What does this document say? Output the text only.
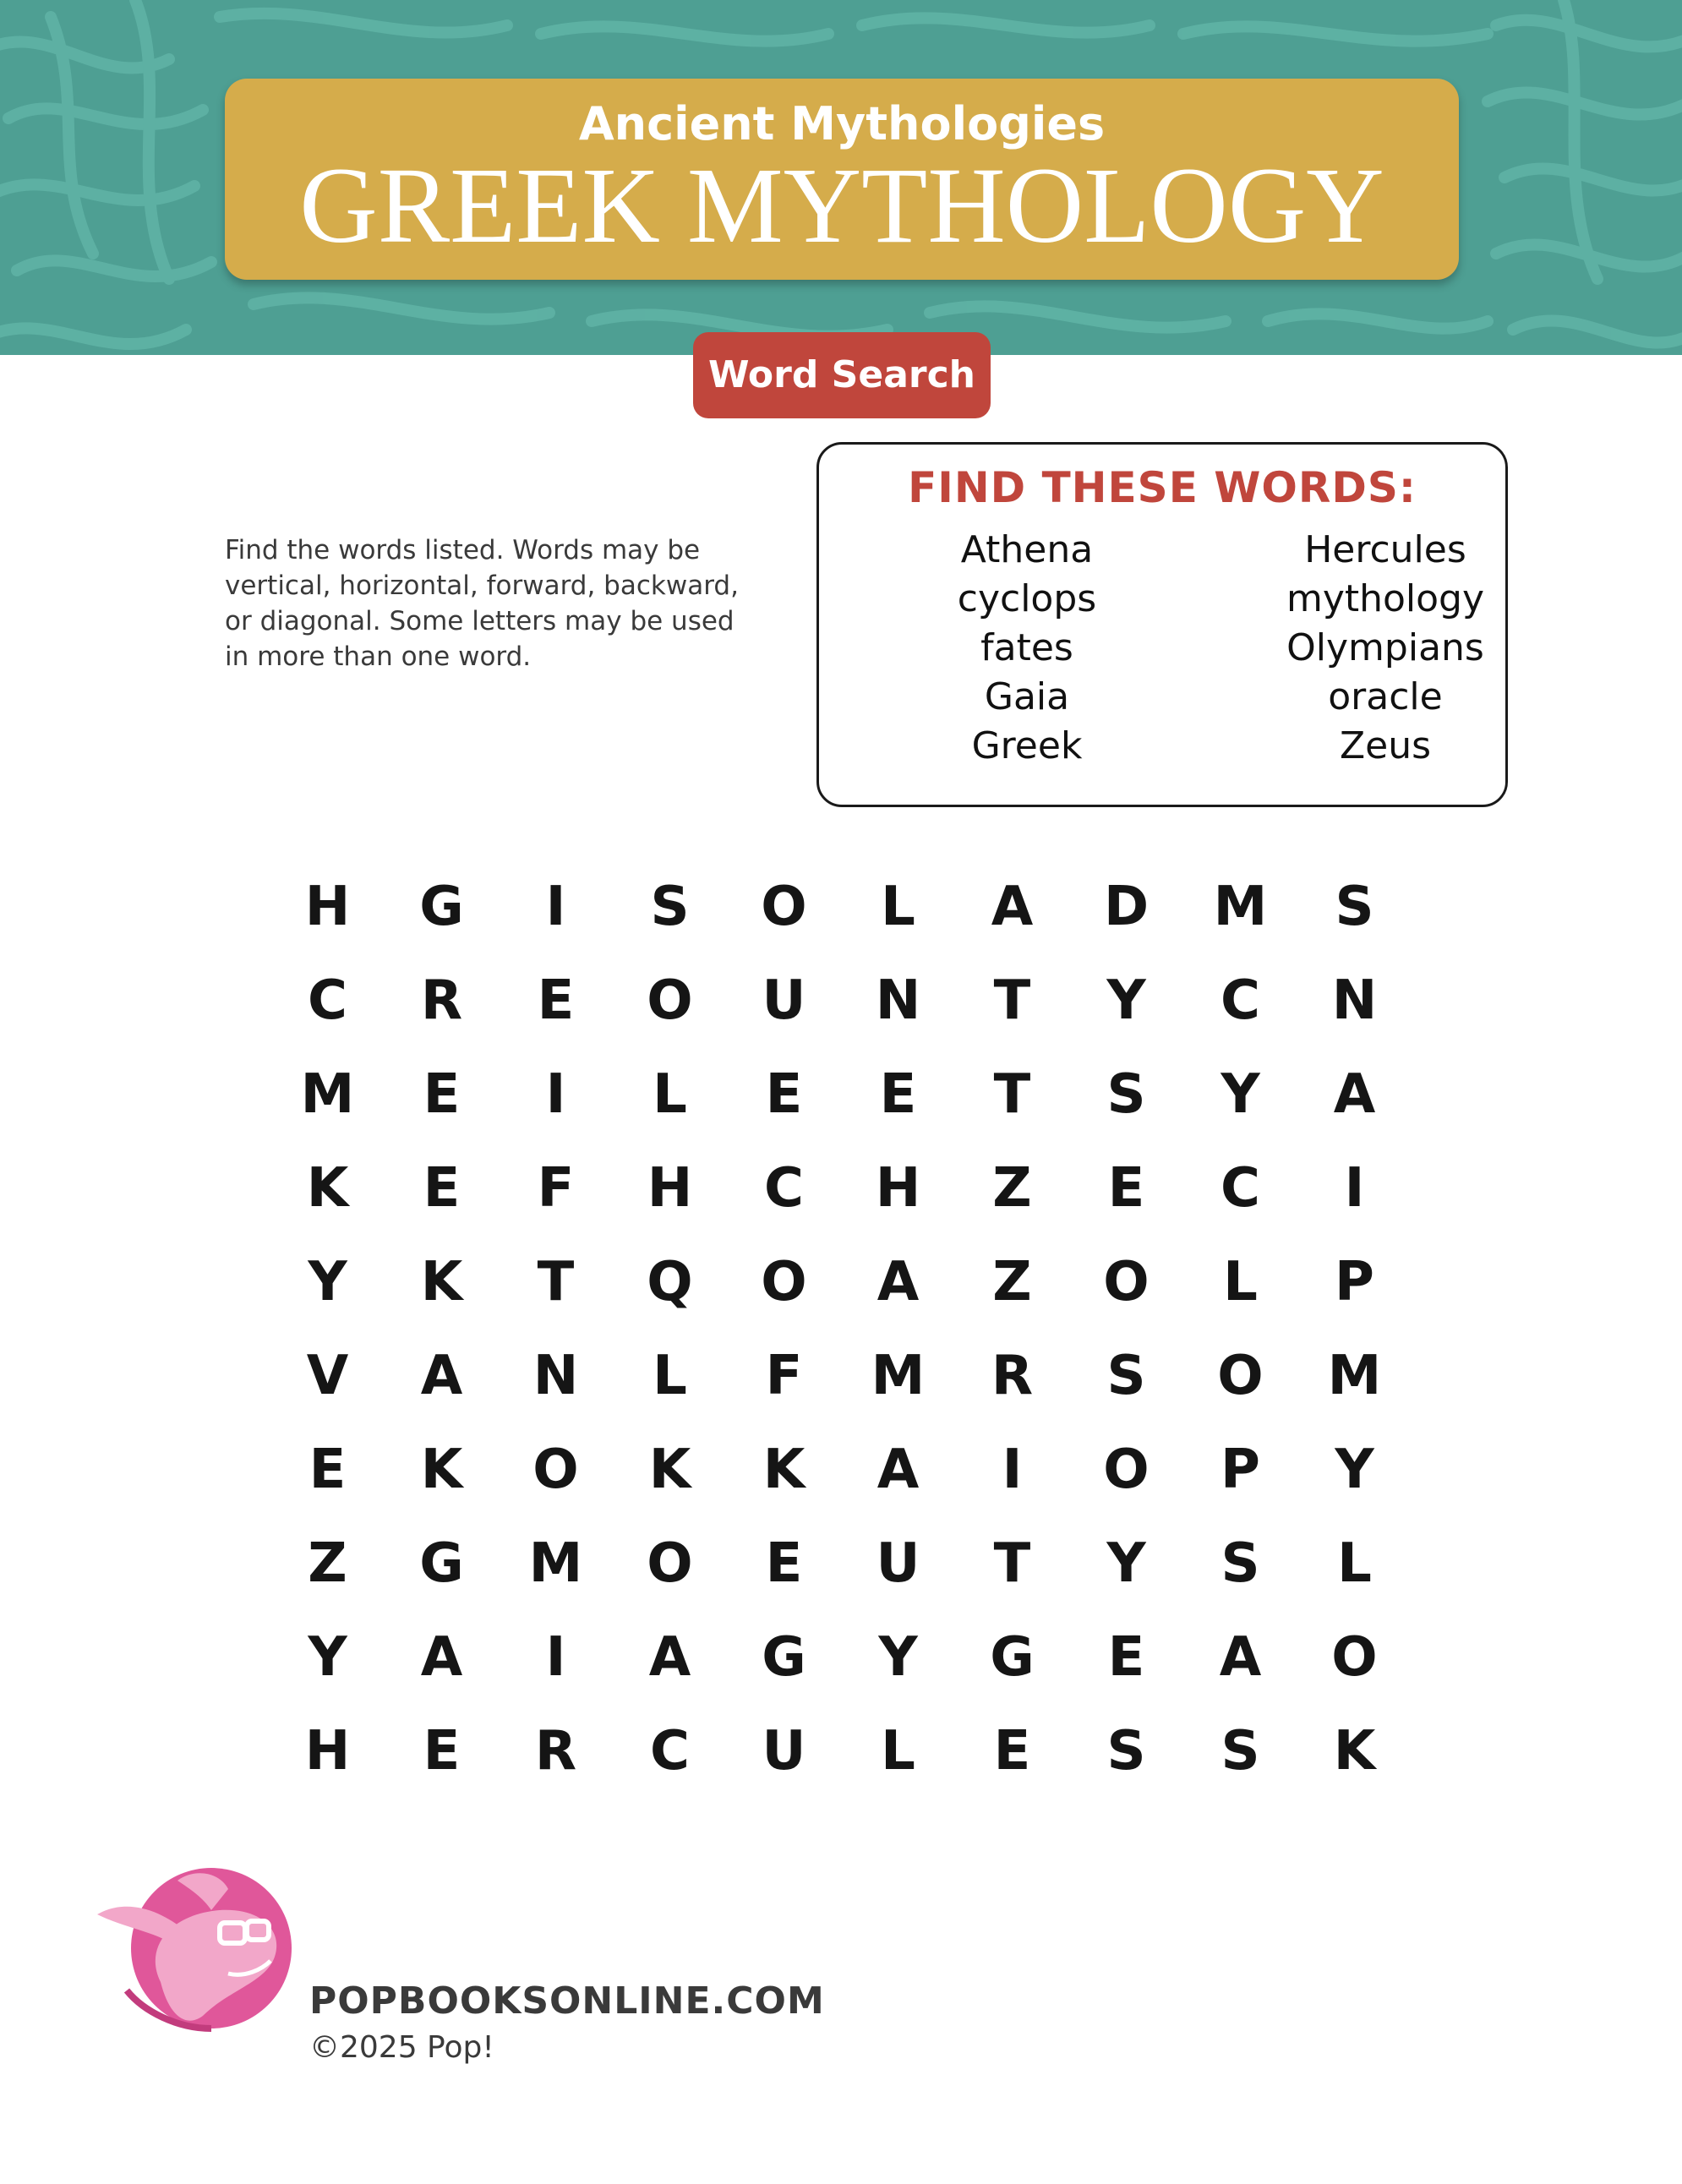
Ancient Mythologies
GREEK MYTHOLOGY
Word Search
Find the words listed. Words may be vertical, horizontal, forward, backward, or diagonal. Some letters may be used in more than one word.
FIND THESE WORDS:
Athena
cyclops
fates
Gaia
Greek
Hercules
mythology
Olympians
oracle
Zeus
H	G	I	S	O	L	A	D	M	S
C	R	E	O	U	N	T	Y	C	N
M	E	I	L	E	E	T	S	Y	A
K	E	F	H	C	H	Z	E	C	I
Y	K	T	Q	O	A	Z	O	L	P
V	A	N	L	F	M	R	S	O	M
E	K	O	K	K	A	I	O	P	Y
Z	G	M	O	E	U	T	Y	S	L
Y	A	I	A	G	Y	G	E	A	O
H	E	R	C	U	L	E	S	S	K
POPBOOKSONLINE.COM
©2025 Pop!
